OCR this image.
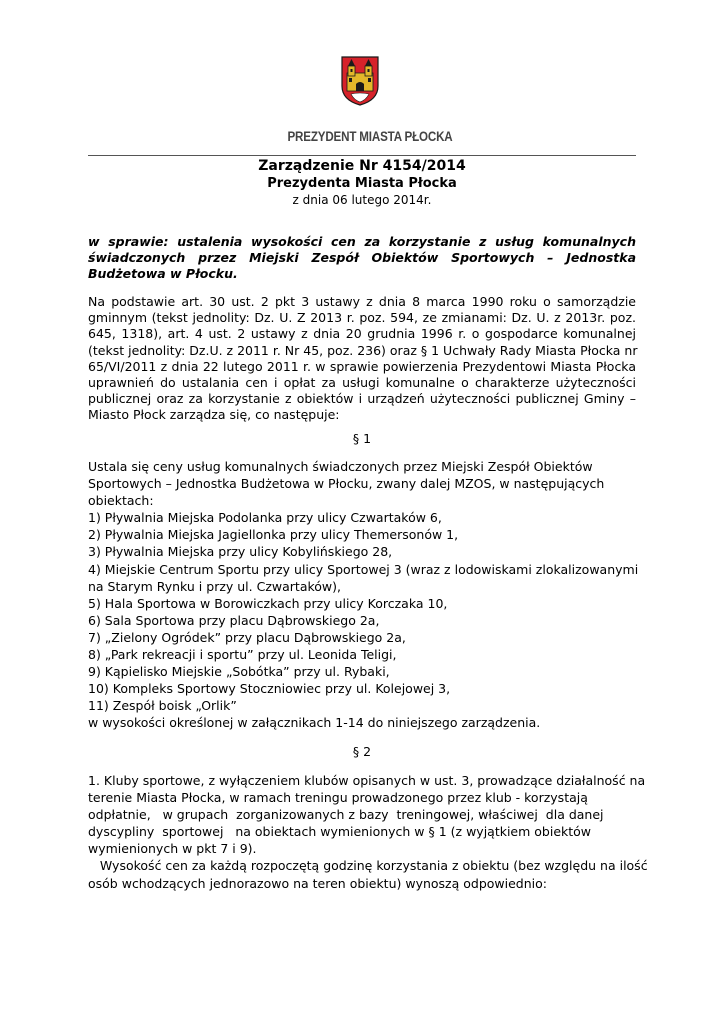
PREZYDENT MIASTA PŁOCKA
Zarządzenie Nr 4154/2014
Prezydenta Miasta Płocka
z dnia 06 lutego 2014r.
w sprawie: ustalenia wysokości cen za korzystanie z usług komunalnych
świadczonych przez Miejski Zespół Obiektów Sportowych – Jednostka
Budżetowa w Płocku.
Na podstawie art. 30 ust. 2 pkt 3 ustawy z dnia 8 marca 1990 roku o samorządzie
gminnym (tekst jednolity: Dz. U. Z 2013 r. poz. 594, ze zmianami: Dz. U. z 2013r. poz.
645, 1318), art. 4 ust. 2 ustawy z dnia 20 grudnia 1996 r. o gospodarce komunalnej
(tekst jednolity: Dz.U. z 2011 r. Nr 45, poz. 236) oraz § 1 Uchwały Rady Miasta Płocka nr
65/VI/2011 z dnia 22 lutego 2011 r. w sprawie powierzenia Prezydentowi Miasta Płocka
uprawnień do ustalania cen i opłat za usługi komunalne o charakterze użyteczności
publicznej oraz za korzystanie z obiektów i urządzeń użyteczności publicznej Gminy –
Miasto Płock zarządza się, co następuje:
§ 1
Ustala się ceny usług komunalnych świadczonych przez Miejski Zespół Obiektów
Sportowych – Jednostka Budżetowa w Płocku, zwany dalej MZOS, w następujących
obiektach:
1) Pływalnia Miejska Podolanka przy ulicy Czwartaków 6,
2) Pływalnia Miejska Jagiellonka przy ulicy Themersonów 1,
3) Pływalnia Miejska przy ulicy Kobylińskiego 28,
4) Miejskie Centrum Sportu przy ulicy Sportowej 3 (wraz z lodowiskami zlokalizowanymi
na Starym Rynku i przy ul. Czwartaków),
5) Hala Sportowa w Borowiczkach przy ulicy Korczaka 10,
6) Sala Sportowa przy placu Dąbrowskiego 2a,
7) „Zielony Ogródek” przy placu Dąbrowskiego 2a,
8) „Park rekreacji i sportu” przy ul. Leonida Teligi,
9) Kąpielisko Miejskie „Sobótka” przy ul. Rybaki,
10) Kompleks Sportowy Stoczniowiec przy ul. Kolejowej 3,
11) Zespół boisk „Orlik”
w wysokości określonej w załącznikach 1-14 do niniejszego zarządzenia.
§ 2
1. Kluby sportowe, z wyłączeniem klubów opisanych w ust. 3, prowadzące działalność na
terenie Miasta Płocka, w ramach treningu prowadzonego przez klub - korzystają
odpłatnie,   w grupach  zorganizowanych z bazy  treningowej, właściwej  dla danej
dyscypliny  sportowej   na obiektach wymienionych w § 1 (z wyjątkiem obiektów
wymienionych w pkt 7 i 9).
Wysokość cen za każdą rozpoczętą godzinę korzystania z obiektu (bez względu na ilość
osób wchodzących jednorazowo na teren obiektu) wynoszą odpowiednio:
